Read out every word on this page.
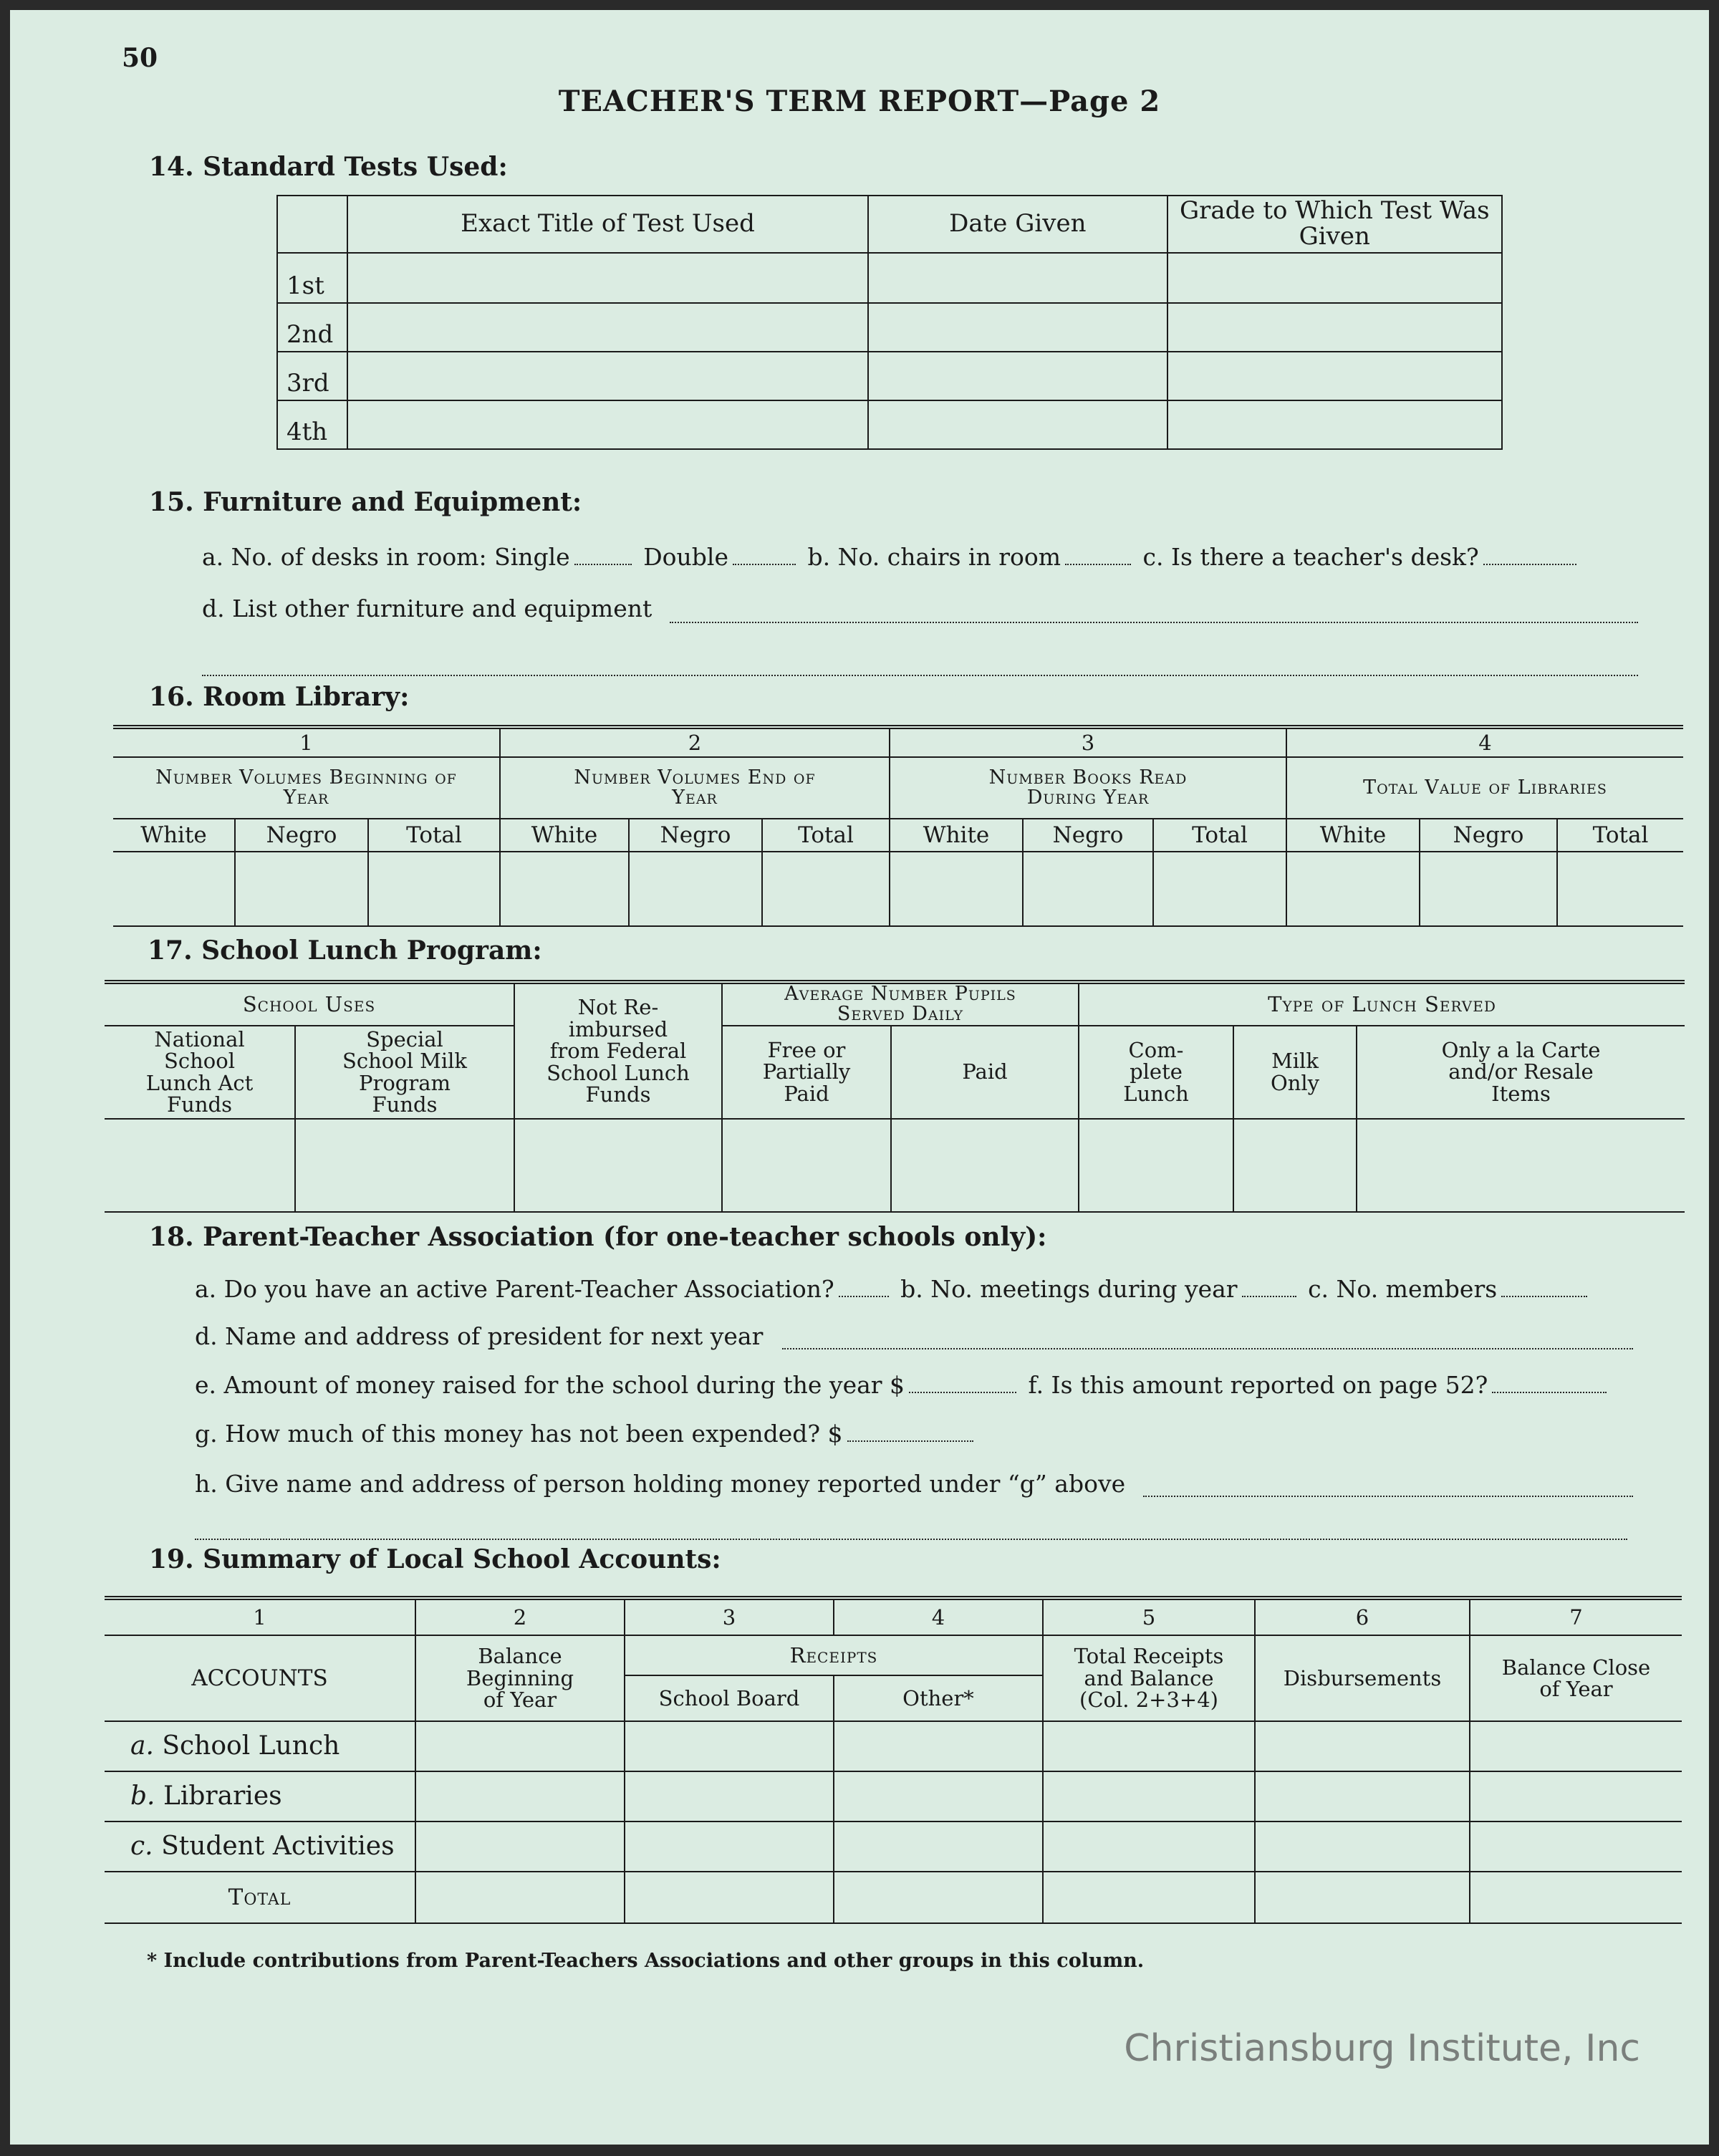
50
TEACHER'S TERM REPORT—Page 2
14. Standard Tests Used:
	Exact Title of Test Used	Date Given	Grade to Which Test Was Given
1st			
2nd			
3rd			
4th			
15. Furniture and Equipment:
a. No. of desks in room: Single	Double	b. No. chairs in room	c. Is there a teacher's desk?
d. List other furniture and equipment
16. Room Library:
1			2			3			4		
Number Volumes Beginning of Year			Number Volumes End of Year			Number Books Read During Year			Total Value of Libraries		
White	Negro	Total	White	Negro	Total	White	Negro	Total	White	Negro	Total

17. School Lunch Program:
School Uses		Not Re-imbursed from Federal School Lunch Funds	Average Number Pupils Served Daily		Type of Lunch Served		
National School Lunch Act Funds	Special School Milk Program Funds		Free or Partially Paid	Paid	Com-plete Lunch	Milk Only	Only a la Carte and/or Resale Items

18. Parent-Teacher Association (for one-teacher schools only):
a. Do you have an active Parent-Teacher Association?	b. No. meetings during year	c. No. members
d. Name and address of president for next year
e. Amount of money raised for the school during the year $	f. Is this amount reported on page 52?
g. How much of this money has not been expended? $
h. Give name and address of person holding money reported under “g” above
19. Summary of Local School Accounts:
1	2	3	4	5	6	7
ACCOUNTS	Balance Beginning of Year	Receipts		Total Receipts and Balance (Col. 2+3+4)	Disbursements	Balance Close of Year
		School Board	Other*			
a. School Lunch						
b. Libraries						
c. Student Activities						
Total						
* Include contributions from Parent-Teachers Associations and other groups in this column.
Christiansburg Institute, Inc
